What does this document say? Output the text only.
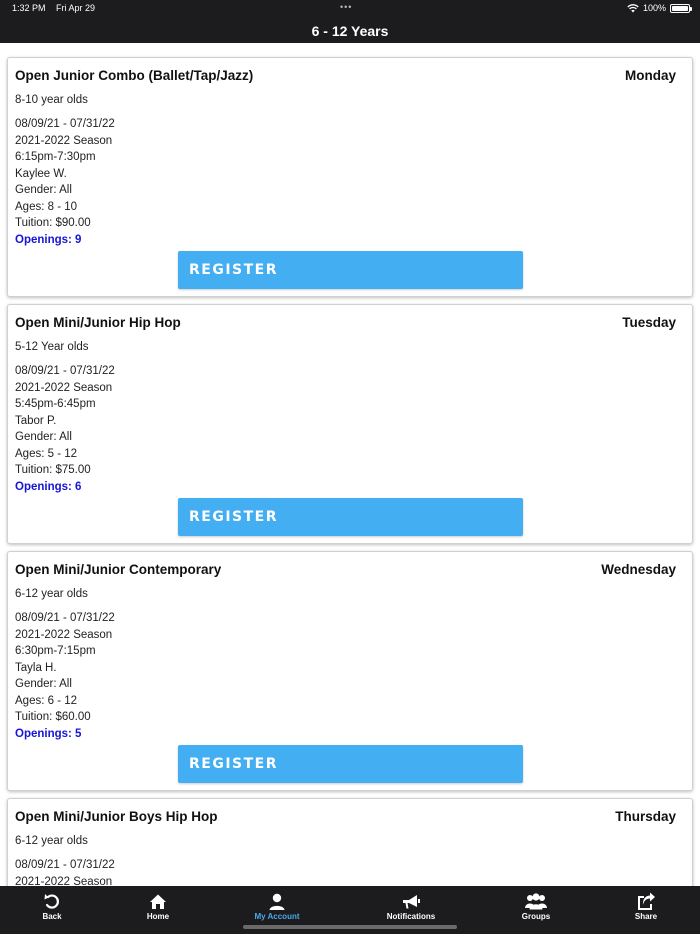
1:32 PM Fri Apr 29	•••	100%
6 - 12 Years
Open Junior Combo (Ballet/Tap/Jazz)	Monday
8-10 year olds
08/09/21 - 07/31/22
2021-2022 Season
6:15pm-7:30pm
Kaylee W.
Gender: All
Ages: 8 - 10
Tuition: $90.00
Openings: 9
REGISTER
Open Mini/Junior Hip Hop	Tuesday
5-12 Year olds
08/09/21 - 07/31/22
2021-2022 Season
5:45pm-6:45pm
Tabor P.
Gender: All
Ages: 5 - 12
Tuition: $75.00
Openings: 6
REGISTER
Open Mini/Junior Contemporary	Wednesday
6-12 year olds
08/09/21 - 07/31/22
2021-2022 Season
6:30pm-7:15pm
Tayla H.
Gender: All
Ages: 6 - 12
Tuition: $60.00
Openings: 5
REGISTER
Open Mini/Junior Boys Hip Hop	Thursday
6-12 year olds
08/09/21 - 07/31/22
2021-2022 Season
Back	Home	My Account	Notifications	Groups	Share
